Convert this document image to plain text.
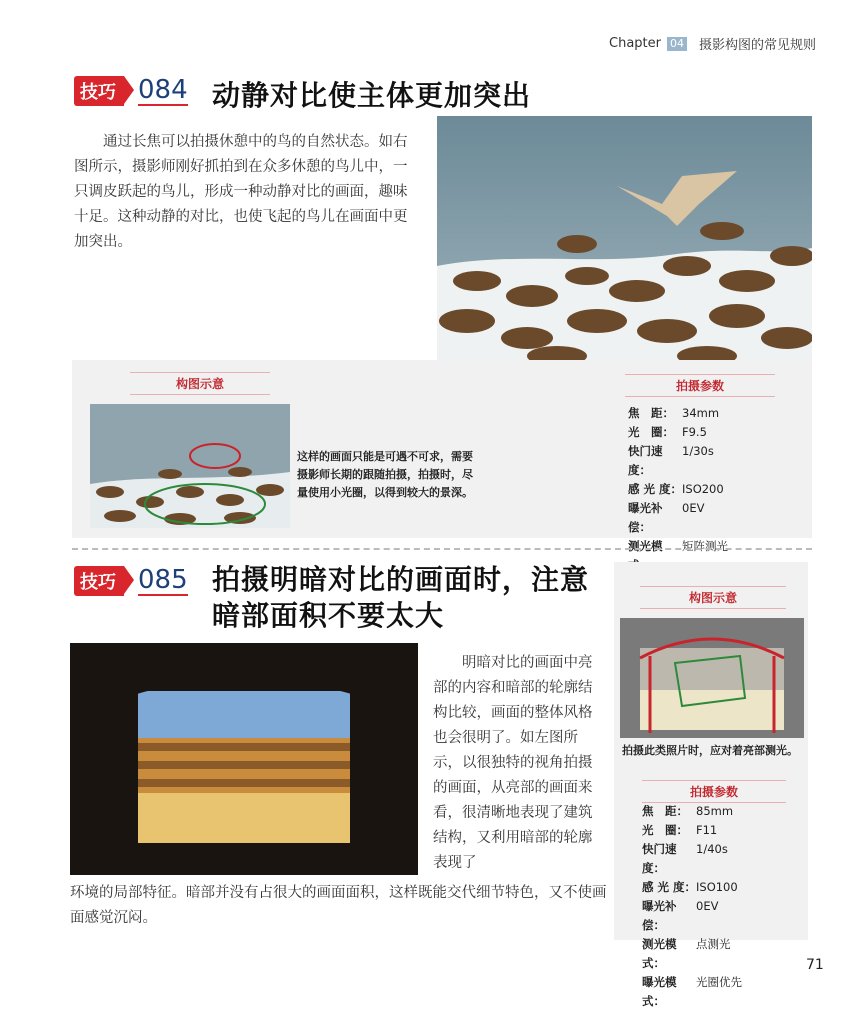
Chapter 04 摄影构图的常见规则
技巧 084 动静对比使主体更加突出
通过长焦可以拍摄休憩中的鸟的自然状态。如右图所示，摄影师刚好抓拍到在众多休憩的鸟儿中，一只调皮跃起的鸟儿，形成一种动静对比的画面，趣味十足。这种动静的对比，也使飞起的鸟儿在画面中更加突出。
构图示意
这样的画面只能是可遇不可求，需要摄影师长期的跟随拍摄，拍摄时，尽量使用小光圈，以得到较大的景深。
拍摄参数
焦　距： 34mm
光　圈： F9.5
快门速度：
1/30s
感 光 度： ISO200
曝光补偿：
0EV
测光模	矩阵测光
技巧 085 拍摄明暗对比的画面时，注意
暗部面积不要太大
明暗对比的画面中亮部的内容和暗部的轮廓结构比较，画面的整体风格也会很明了。如左图所示，以很独特的视角拍摄的画面，从亮部的画面来看，很清晰地表现了建筑结构，又利用暗部的轮廓表现了
环境的局部特征。暗部并没有占很大的画面面积，这样既能交代细节特色，又不使画面感觉沉闷。
构图示意
拍摄此类照片时，应对着亮部测光。
拍摄参数
焦　距： 85mm
光　圈： F11
快门速度：
1/40s
感 光 度： ISO100
曝光补偿：
0EV
测光模式：
点测光
曝光模式：
光圈优先
71
